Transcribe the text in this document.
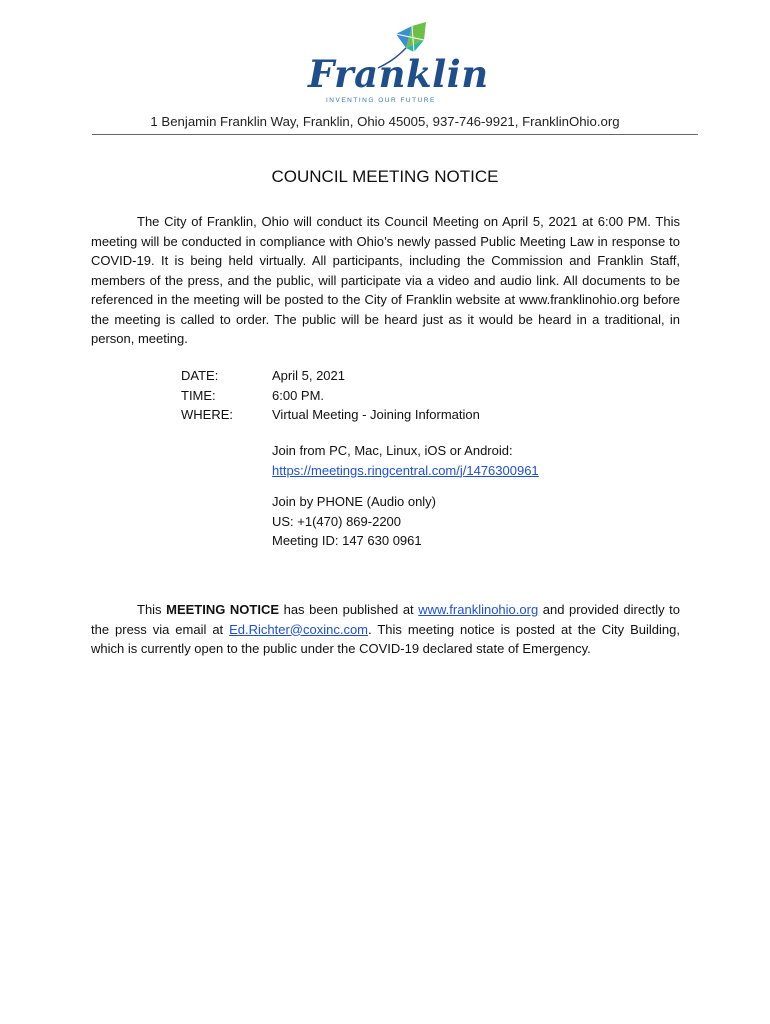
Franklin
INVENTING OUR FUTURE
1 Benjamin Franklin Way, Franklin, Ohio 45005, 937-746-9921, FranklinOhio.org
COUNCIL MEETING NOTICE

The City of Franklin, Ohio will conduct its Council Meeting on April 5, 2021 at 6:00 PM. This meeting will be conducted in compliance with Ohio’s newly passed Public Meeting Law in response to COVID-19. It is being held virtually. All participants, including the Commission and Franklin Staff, members of the press, and the public, will participate via a video and audio link. All documents to be referenced in the meeting will be posted to the City of Franklin website at www.franklinohio.org before the meeting is called to order. The public will be heard just as it would be heard in a traditional, in person, meeting.

DATE:	April 5, 2021
TIME:	6:00 PM.
WHERE:	Virtual Meeting - Joining Information
Join from PC, Mac, Linux, iOS or Android:
https://meetings.ringcentral.com/j/1476300961
Join by PHONE (Audio only)
US: +1(470) 869-2200
Meeting ID: 147 630 0961

This MEETING NOTICE has been published at www.franklinohio.org and provided directly to the press via email at Ed.Richter@coxinc.com. This meeting notice is posted at the City Building, which is currently open to the public under the COVID-19 declared state of Emergency.
